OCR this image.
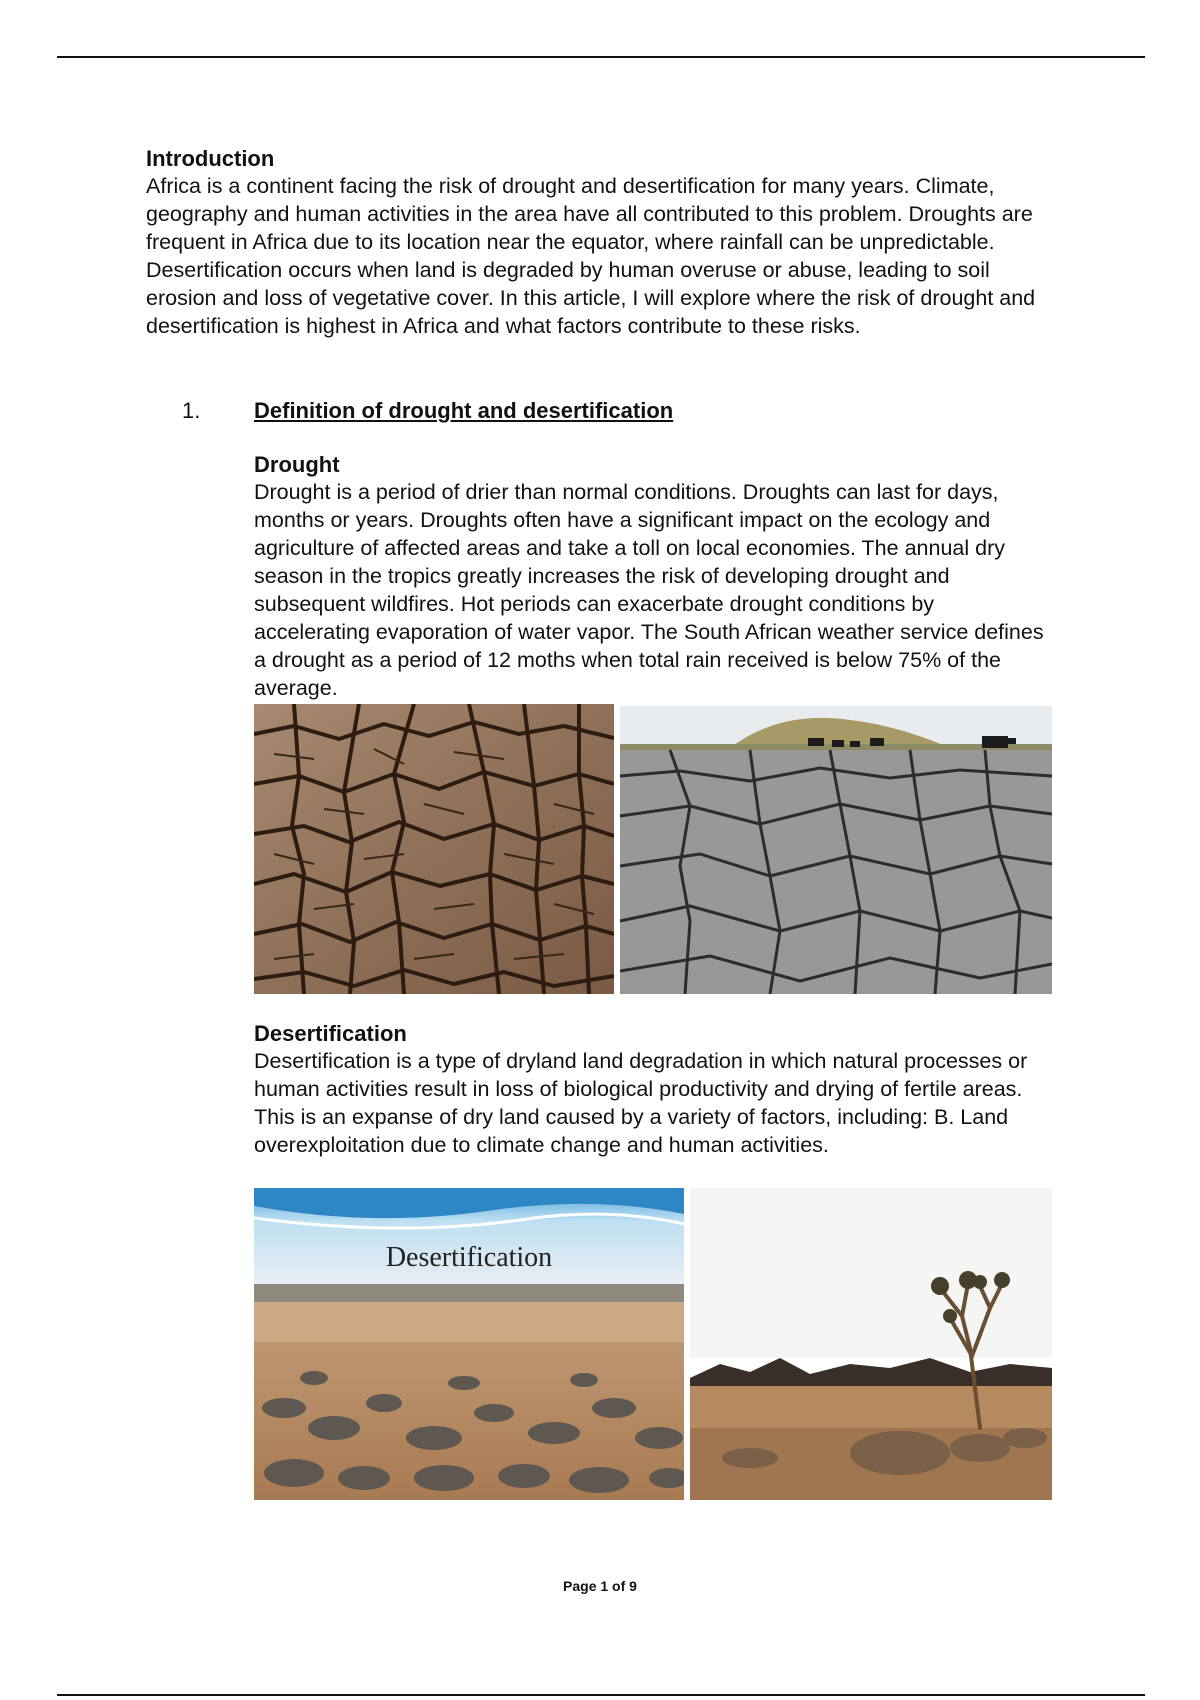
Introduction

Africa is a continent facing the risk of drought and desertification for many years. Climate, geography and human activities in the area have all contributed to this problem. Droughts are frequent in Africa due to its location near the equator, where rainfall can be unpredictable. Desertification occurs when land is degraded by human overuse or abuse, leading to soil erosion and loss of vegetative cover. In this article, I will explore where the risk of drought and desertification is highest in Africa and what factors contribute to these risks.

1. Definition of drought and desertification
Drought

Drought is a period of drier than normal conditions. Droughts can last for days, months or years. Droughts often have a significant impact on the ecology and agriculture of affected areas and take a toll on local economies. The annual dry season in the tropics greatly increases the risk of developing drought and subsequent wildfires. Hot periods can exacerbate drought conditions by accelerating evaporation of water vapor. The South African weather service defines a drought as a period of 12 moths when total rain received is below 75% of the average.

Desertification

Desertification is a type of dryland land degradation in which natural processes or human activities result in loss of biological productivity and drying of fertile areas. This is an expanse of dry land caused by a variety of factors, including: B. Land overexploitation due to climate change and human activities.

Desertification
Page 1 of 9
